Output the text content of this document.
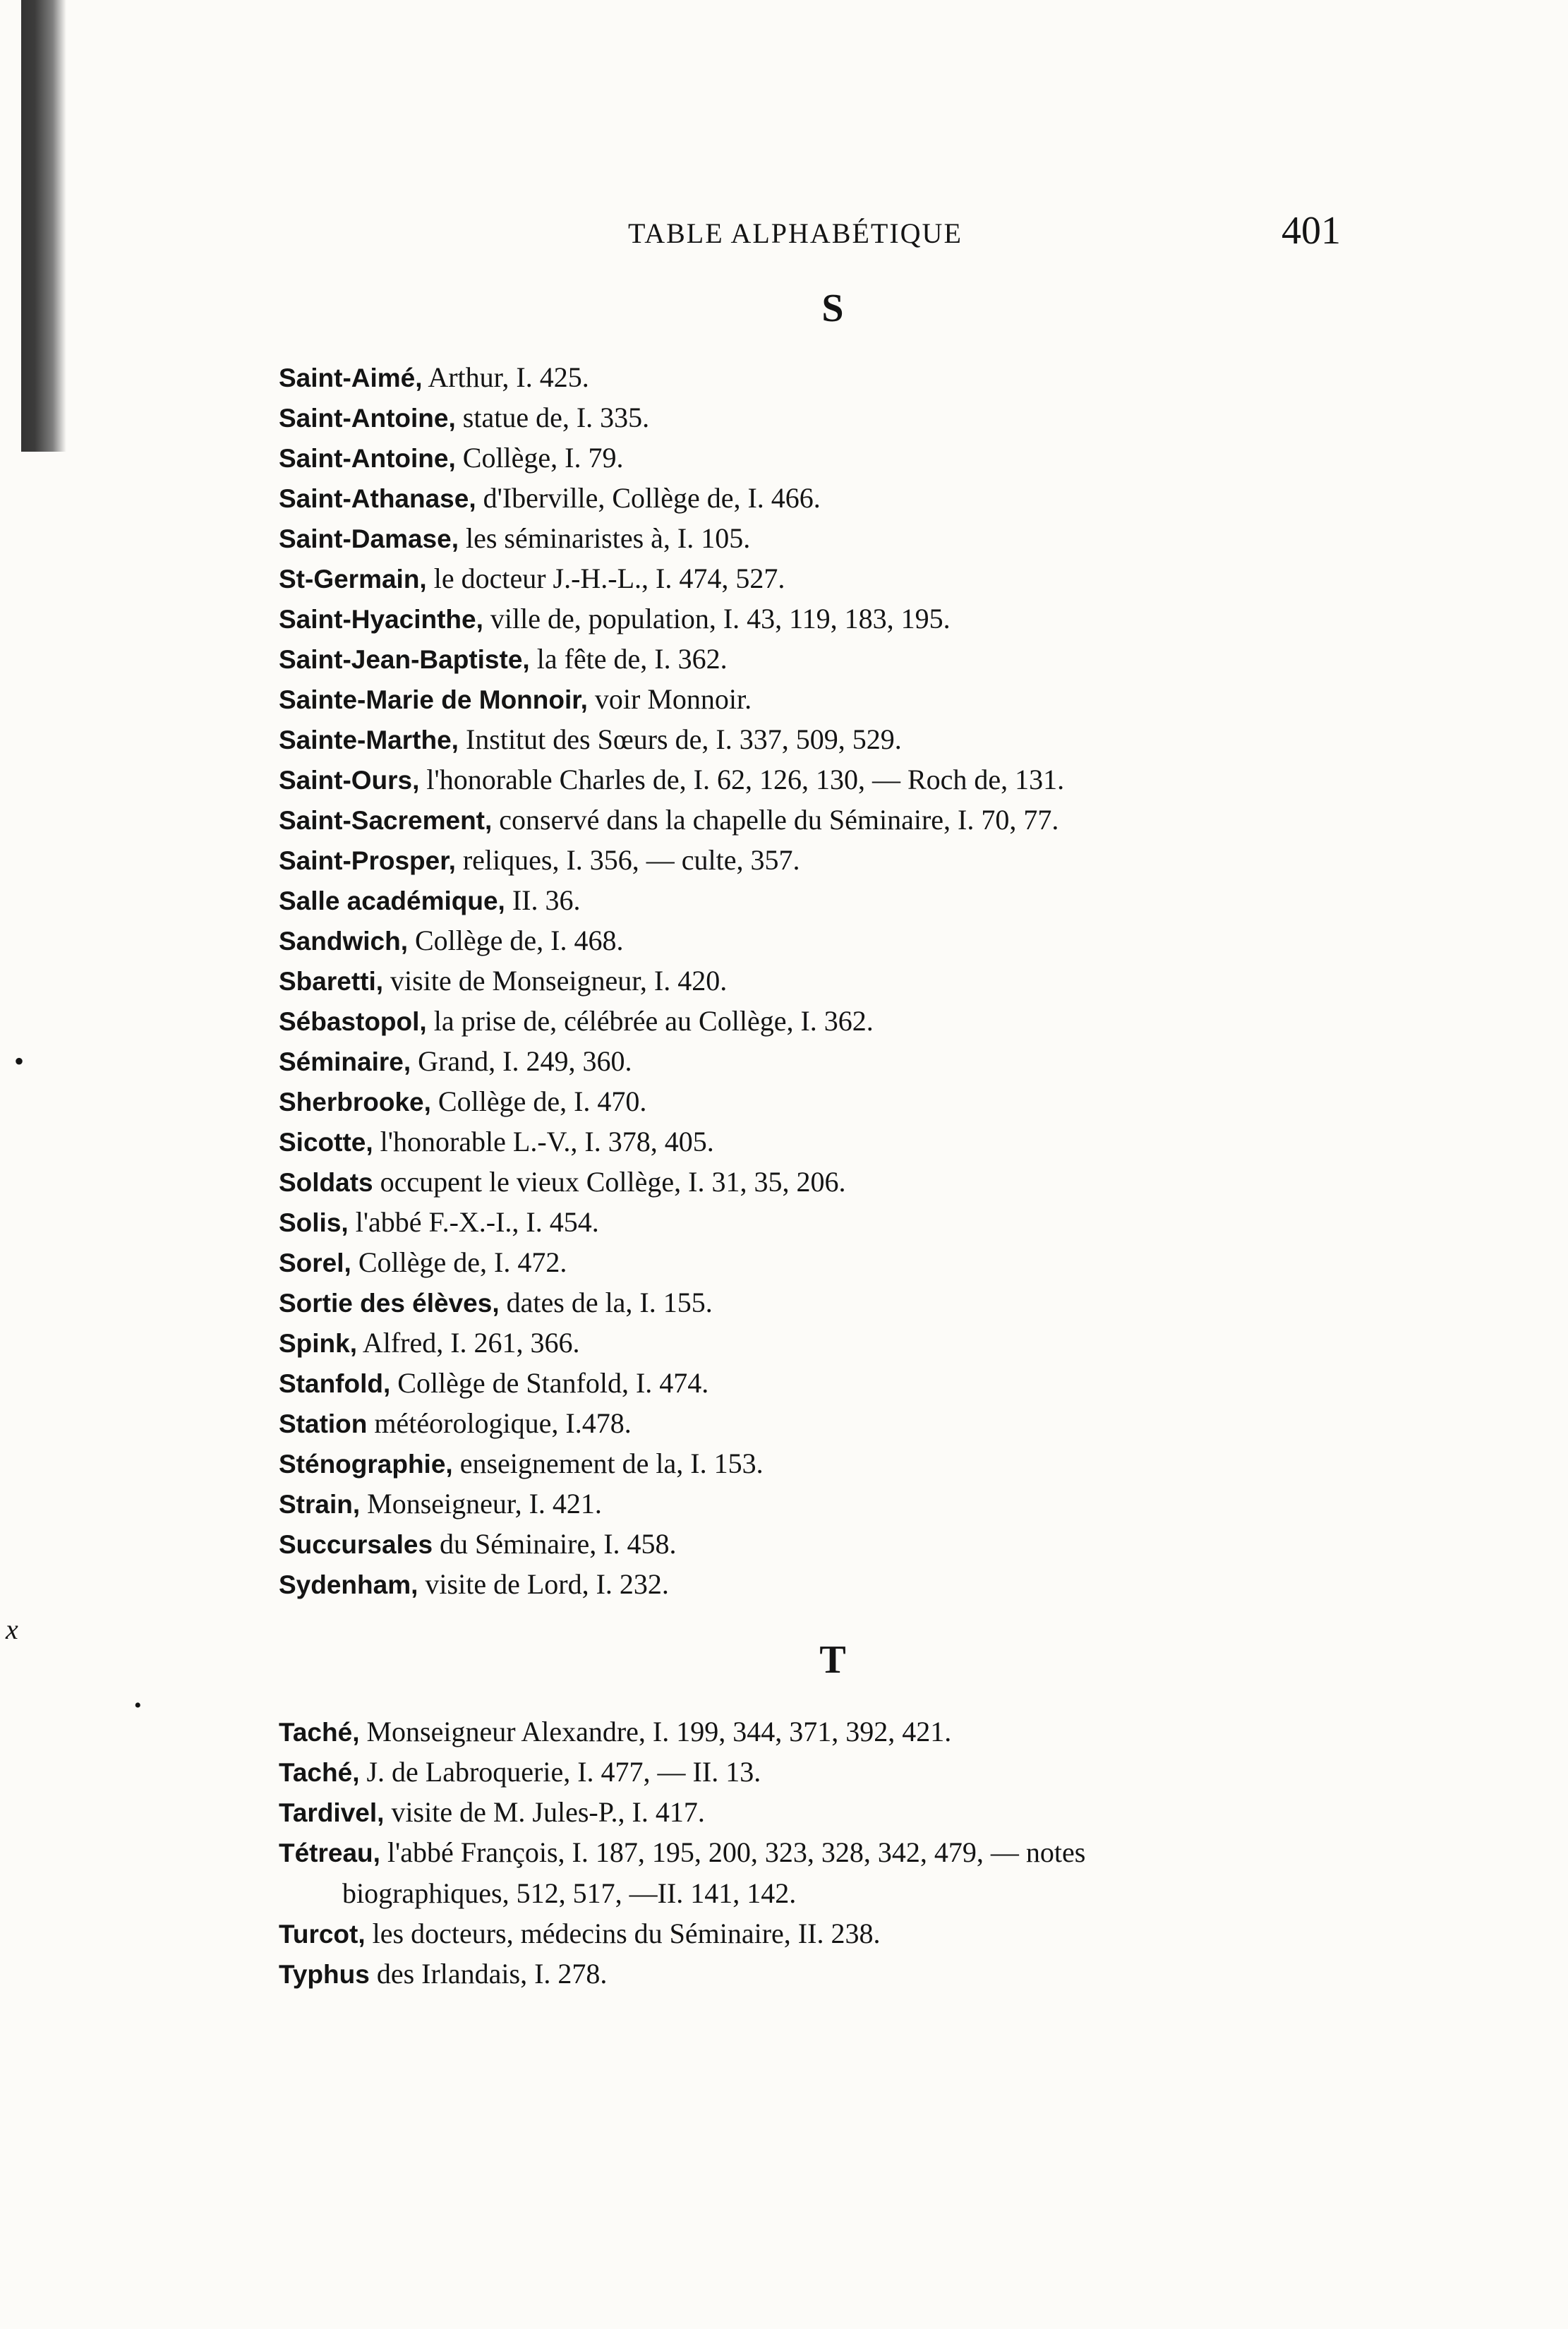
TABLE ALPHABÉTIQUE	401
S
Saint-Aimé, Arthur, I. 425.
Saint-Antoine, statue de, I. 335.
Saint-Antoine, Collège, I. 79.
Saint-Athanase, d'Iberville, Collège de, I. 466.
Saint-Damase, les séminaristes à, I. 105.
St-Germain, le docteur J.-H.-L., I. 474, 527.
Saint-Hyacinthe, ville de, population, I. 43, 119, 183, 195.
Saint-Jean-Baptiste, la fête de, I. 362.
Sainte-Marie de Monnoir, voir Monnoir.
Sainte-Marthe, Institut des Sœurs de, I. 337, 509, 529.
Saint-Ours, l'honorable Charles de, I. 62, 126, 130, — Roch de, 131.
Saint-Sacrement, conservé dans la chapelle du Séminaire, I. 70, 77.
Saint-Prosper, reliques, I. 356, — culte, 357.
Salle académique, II. 36.
Sandwich, Collège de, I. 468.
Sbaretti, visite de Monseigneur, I. 420.
Sébastopol, la prise de, célébrée au Collège, I. 362.
Séminaire, Grand, I. 249, 360.
Sherbrooke, Collège de, I. 470.
Sicotte, l'honorable L.-V., I. 378, 405.
Soldats occupent le vieux Collège, I. 31, 35, 206.
Solis, l'abbé F.-X.-I., I. 454.
Sorel, Collège de, I. 472.
Sortie des élèves, dates de la, I. 155.
Spink, Alfred, I. 261, 366.
Stanfold, Collège de Stanfold, I. 474.
Station météorologique, I.478.
Sténographie, enseignement de la, I. 153.
Strain, Monseigneur, I. 421.
Succursales du Séminaire, I. 458.
Sydenham, visite de Lord, I. 232.
T
Taché, Monseigneur Alexandre, I. 199, 344, 371, 392, 421.
Taché, J. de Labroquerie, I. 477, — II. 13.
Tardivel, visite de M. Jules-P., I. 417.
Tétreau, l'abbé François, I. 187, 195, 200, 323, 328, 342, 479, — notes
biographiques, 512, 517, —II. 141, 142.
Turcot, les docteurs, médecins du Séminaire, II. 238.
Typhus des Irlandais, I. 278.
•
x
•
